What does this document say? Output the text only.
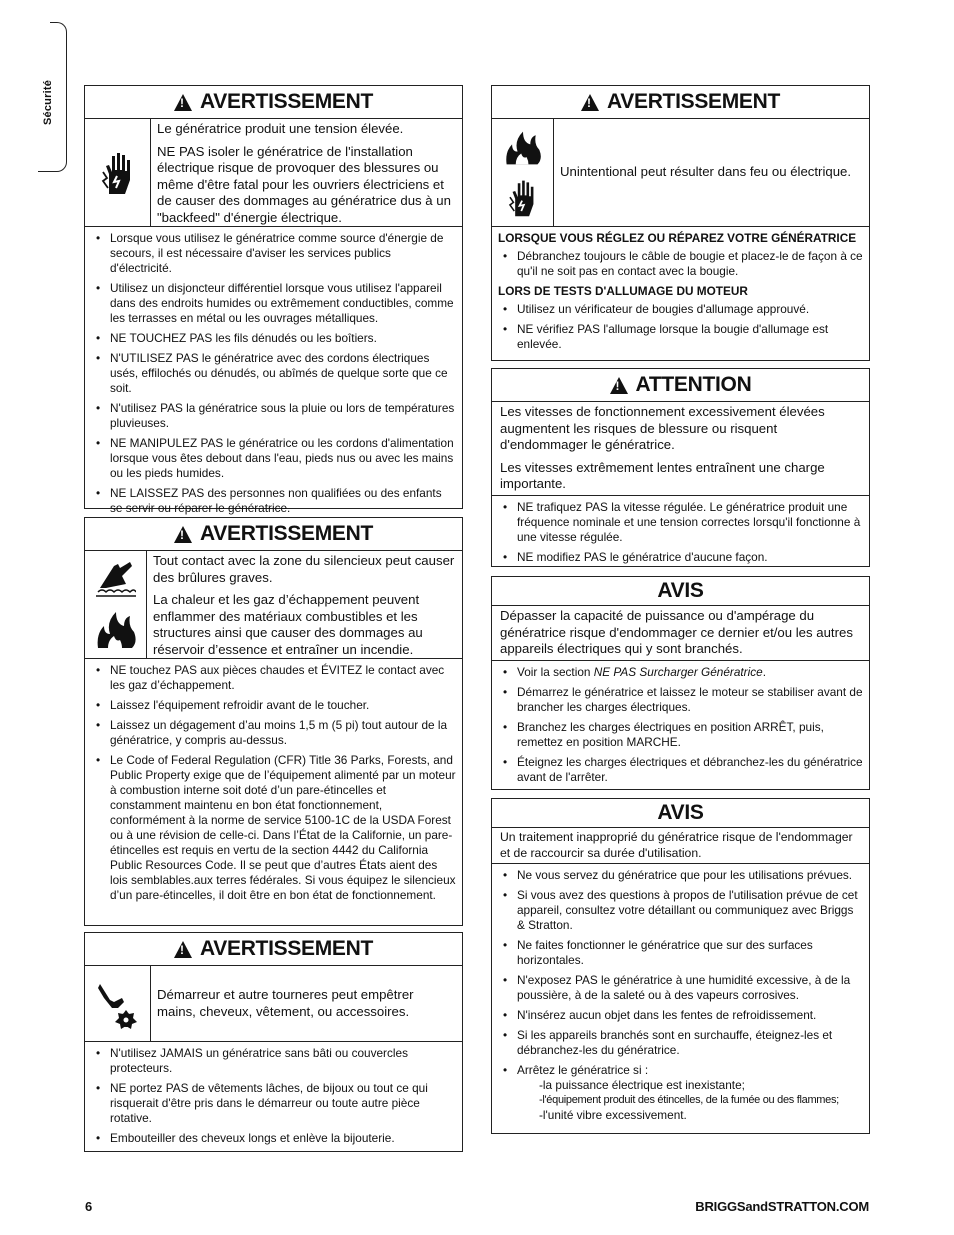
Sécurité
!	AVERTISSEMENT

Le génératrice produit une tension élevée.

NE PAS isoler le génératrice de l'installation électrique risque de provoquer des blessures ou même d'être fatal pour les ouvriers électriciens et de causer des dommages au génératrice dus à un "backfeed" d'énergie électrique.

• Lorsque vous utilisez le génératrice comme source d'énergie de secours, il est nécessaire d'aviser les services publics d'électricité.
• Utilisez un disjoncteur différentiel lorsque vous utilisez l'appareil dans des endroits humides ou extrêmement conductibles, comme les terrasses en métal ou les ouvrages métalliques.
• NE TOUCHEZ PAS les fils dénudés ou les boîtiers.
• N'UTILISEZ PAS le génératrice avec des cordons électriques usés, effilochés ou dénudés, ou abîmés de quelque sorte que ce soit.
• N'utilisez PAS la génératrice sous la pluie ou lors de températures pluvieuses.
• NE MANIPULEZ PAS le génératrice ou les cordons d'alimentation lorsque vous êtes debout dans l'eau, pieds nus ou avec les mains ou les pieds humides.
• NE LAISSEZ PAS des personnes non qualifiées ou des enfants se servir ou réparer le génératrice.
!
AVERTISSEMENT

Tout contact avec la zone du silencieux peut causer des brûlures graves.

La chaleur et les gaz d’échappement peuvent enflammer des matériaux combustibles et les structures ainsi que causer des dommages au réservoir d’essence et entraîner un incendie.

• NE touchez PAS aux pièces chaudes et ÉVITEZ le contact avec les gaz d’échappement.
• Laissez l'équipement refroidir avant de le toucher.
• Laissez un dégagement d’au moins 1,5 m (5 pi) tout autour de la génératrice, y compris au-dessus.
• Le Code of Federal Regulation (CFR) Title 36 Parks, Forests, and Public Property exige que de l’équipement alimenté par un moteur à combustion interne soit doté d’un pare-étincelles et constamment maintenu en bon état fonctionnement, conformément à la norme de service 5100-1C de la USDA Forest ou à une révision de celle-ci. Dans l’État de la Californie, un pare-étincelles est requis en vertu de la section 4442 du California Public Resources Code. Il se peut que d’autres États aient des lois semblables.aux terres fédérales. Si vous équipez le silencieux d’un pare-étincelles, il doit être en bon état de fonctionnement.
!
AVERTISSEMENT

Démarreur et autre tourneres peut empêtrer mains, cheveux, vêtement, ou accessoires.

• N'utilisez JAMAIS un génératrice sans bâti ou couvercles protecteurs.
• NE portez PAS de vêtements lâches, de bijoux ou tout ce qui risquerait d'être pris dans le démarreur ou toute autre pièce rotative.
• Embouteiller des cheveux longs et enlève la bijouterie.
!
AVERTISSEMENT

Unintentional peut résulter dans feu ou électrique.

LORSQUE VOUS RÉGLEZ OU RÉPAREZ VOTRE GÉNÉRATRICE
• Débranchez toujours le câble de bougie et placez-le de façon à ce qu'il ne soit pas en contact avec la bougie.
LORS DE TESTS D'ALLUMAGE DU MOTEUR
• Utilisez un vérificateur de bougies d'allumage approuvé.
• NE vérifiez PAS l'allumage lorsque la bougie d'allumage est enlevée.
!
ATTENTION

Les vitesses de fonctionnement excessivement élevées augmentent les risques de blessure ou risquent d'endommager le génératrice.

Les vitesses extrêmement lentes entraînent une charge importante.

• NE trafiquez PAS la vitesse régulée. Le génératrice produit une fréquence nominale et une tension correctes lorsqu'il fonctionne à une vitesse régulée.
• NE modifiez PAS le génératrice d'aucune façon.
AVIS

Dépasser la capacité de puissance ou d'ampérage du génératrice risque d'endommager ce dernier et/ou les autres appareils électriques qui y sont branchés.

• Voir la section NE PAS Surcharger Génératrice.
• Démarrez le génératrice et laissez le moteur se stabiliser avant de brancher les charges électriques.
• Branchez les charges électriques en position ARRÊT, puis, remettez en position MARCHE.
• Éteignez les charges électriques et débranchez-les du génératrice avant de l'arrêter.
AVIS

Un traitement inapproprié du génératrice risque de l'endommager et de raccourcir sa durée d'utilisation.

• Ne vous servez du génératrice que pour les utilisations prévues.
• Si vous avez des questions à propos de l'utilisation prévue de cet appareil, consultez votre détaillant ou communiquez avec Briggs & Stratton.
• Ne faites fonctionner le génératrice que sur des surfaces horizontales.
• N'exposez PAS le génératrice à une humidité excessive, à de la poussière, à de la saleté ou à des vapeurs corrosives.
• N'insérez aucun objet dans les fentes de refroidissement.
• Si les appareils branchés sont en surchauffe, éteignez-les et débranchez-les du génératrice.
• Arrêtez le génératrice si :
-la puissance électrique est inexistante;
-l'équipement produit des étincelles, de la fumée ou des flammes;
-l'unité vibre excessivement.
6	BRIGGSandSTRATTON.COM
